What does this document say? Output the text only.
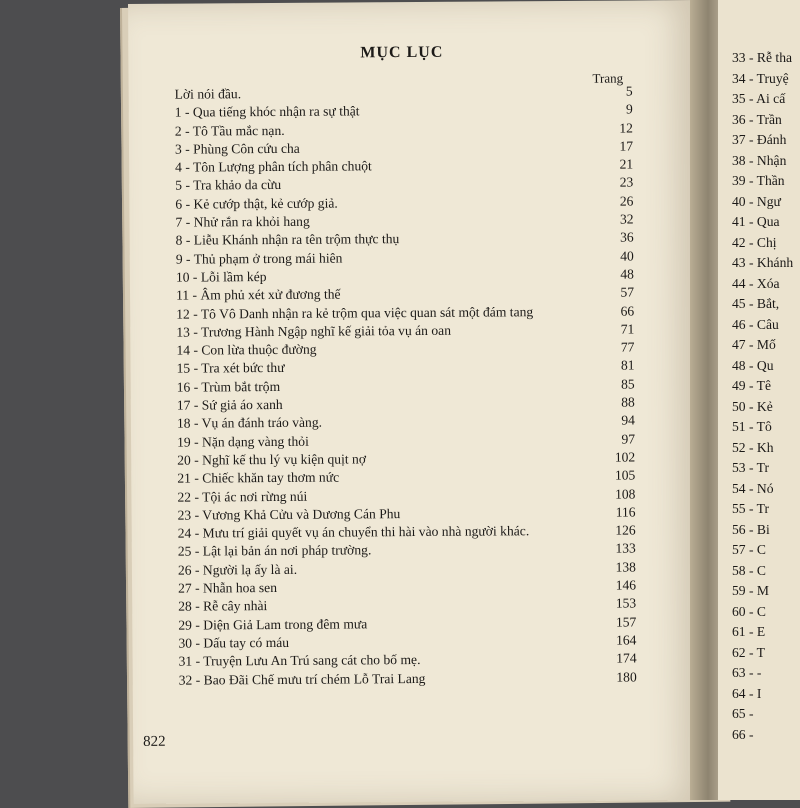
MỤC LỤC
Trang
Lời nói đầu.	5
1 - Qua tiếng khóc nhận ra sự thật	9
2 - Tô Tầu mắc nạn.	12
3 - Phùng Côn cứu cha	17
4 - Tôn Lượng phân tích phân chuột	21
5 - Tra khảo da cừu	23
6 - Kẻ cướp thật, kẻ cướp giả.	26
7 - Nhử rắn ra khỏi hang	32
8 - Liễu Khánh nhận ra tên trộm thực thụ	36
9 - Thủ phạm ở trong mái hiên	40
10 - Lỗi lầm kép	48
11 - Âm phủ xét xử đương thế	57
12 - Tô Vô Danh nhận ra kẻ trộm qua việc quan sát một đám tang	66
13 - Trương Hành Ngập nghĩ kế giải tỏa vụ án oan	71
14 - Con lừa thuộc đường	77
15 - Tra xét bức thư	81
16 - Trùm bắt trộm	85
17 - Sứ giả áo xanh	88
18 - Vụ án đánh tráo vàng.	94
19 - Nặn dạng vàng thỏi	97
20 - Nghĩ kế thu lý vụ kiện quịt nợ	102
21 - Chiếc khăn tay thơm nức	105
22 - Tội ác nơi rừng núi	108
23 - Vương Khả Cửu và Dương Cán Phu	116
24 - Mưu trí giải quyết vụ án chuyển thi hài vào nhà người khác.	126
25 - Lật lại bản án nơi pháp trường.	133
26 - Người lạ ấy là ai.	138
27 - Nhẫn hoa sen	146
28 - Rễ cây nhài	153
29 - Diện Giả Lam trong đêm mưa	157
30 - Dấu tay có máu	164
31 - Truyện Lưu An Trú sang cát cho bố mẹ.	174
32 - Bao Đãi Chế mưu trí chém Lỗ Trai Lang	180
822
33 - Rễ tha
34 - Truyệ
35 - Ai cấ
36 - Trần
37 - Đánh
38 - Nhận
39 - Thần
40 - Ngư
41 - Qua
42 - Chị
43 - Khánh
44 - Xóa
45 - Bắt,
46 - Câu
47 - Mố
48 - Qu
49 - Tê
50 - Kẻ
51 - Tô
52 - Kh
53 - Tr
54 - Nó
55 - Tr
56 - Bi
57 - C
58 - C
59 - M
60 - C
61 - E
62 - T
63 - -
64 - I
65 -
66 -
